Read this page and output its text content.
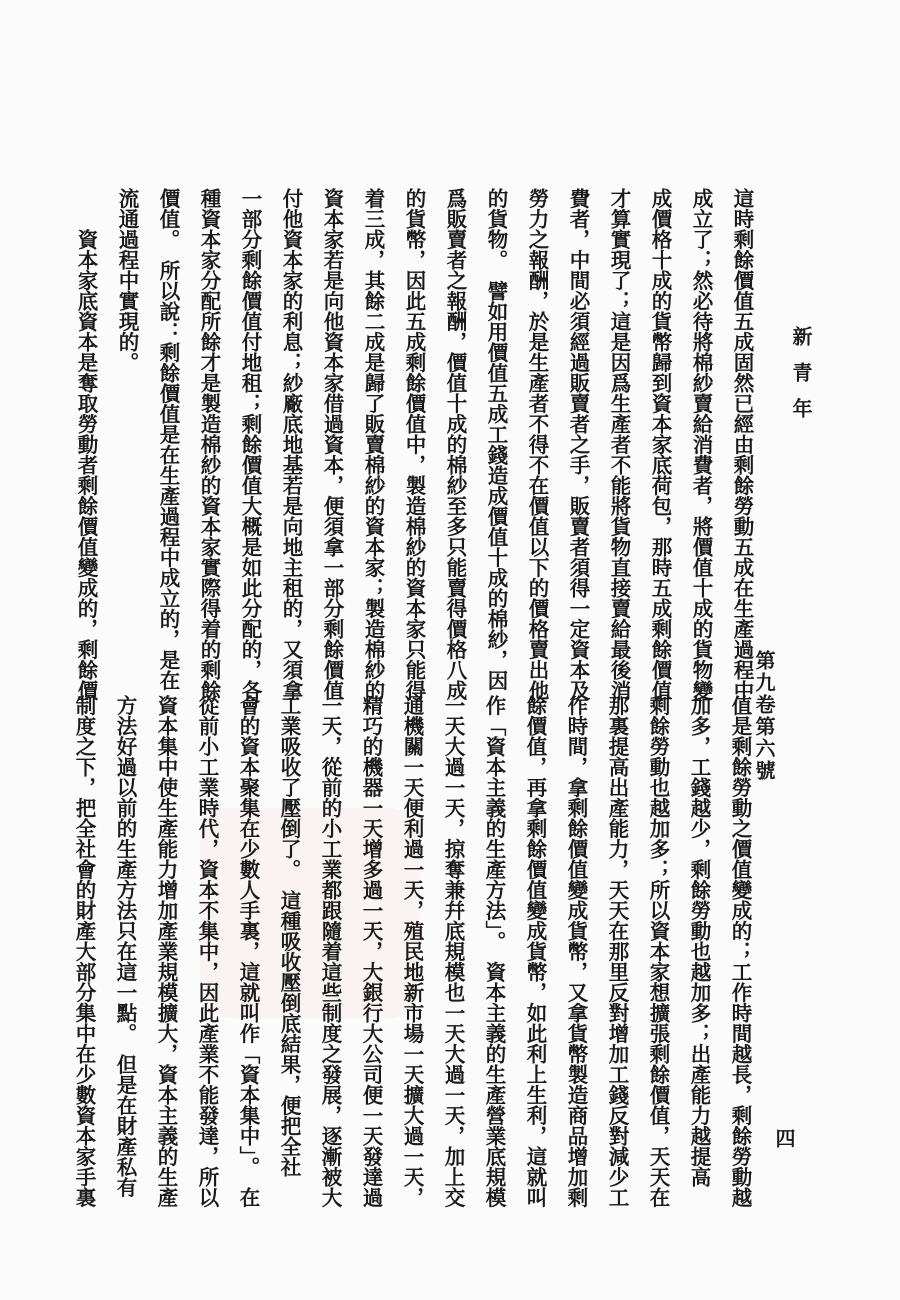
新青年
第九卷第六號
四
這時剩餘價值五成固然已經由剩餘勞動五成在生產過程中
成立了；然必待將棉紗賣給消費者，將價值十成的貨物變
成價格十成的貨幣歸到資本家底荷包，那時五成剩餘價值
才算實現了；這是因爲生產者不能將貨物直接賣給最後消
費者，中間必須經過販賣者之手，販賣者須得一定資本及
勞力之報酬，於是生產者不得不在價值以下的價格賣出他
的貨物。　譬如用價值五成工錢造成價值十成的棉紗，因
爲販賣者之報酬，價值十成的棉紗至多只能賣得價格八成
的貨幣，因此五成剩餘價值中，製造棉紗的資本家只能得
着三成，其餘二成是歸了販賣棉紗的資本家；製造棉紗的
資本家若是向他資本家借過資本，便須拿一部分剩餘價值
付他資本家的利息；紗廠底地基若是向地主租的，又須拿
一部分剩餘價值付地租；剩餘價值大概是如此分配的，各
種資本家分配所餘才是製造棉紗的資本家實際得着的剩餘
價值。　所以說：剩餘價值是在生產過程中成立的，是在
流通過程中實現的。
　　資本家底資本是奪取勞動者剩餘價值變成的，剩餘價
值是剩餘勞動之價值變成的；工作時間越長，剩餘勞動越
加多，工錢越少，剩餘勞動也越加多；出產能力越提高
剩餘勞動也越加多；所以資本家想擴張剩餘價值，天天在
那裏提高出產能力，天天在那里反對增加工錢反對減少工
作時間，拿剩餘價值變成貨幣，又拿貨幣製造商品增加剩
餘價值，再拿剩餘價值變成貨幣，如此利上生利，這就叫
作「資本主義的生產方法」。　資本主義的生產營業底規模
一天大過一天，掠奪兼幷底規模也一天大過一天，加上交
通機關一天便利過一天，殖民地新市場一天擴大過一天，
精巧的機器一天增多過一天，大銀行大公司便一天發達過
一天，從前的小工業都跟隨着這些制度之發展，逐漸被大
工業吸收了壓倒了。　這種吸收壓倒底結果，便把全社
會的資本聚集在少數人手裏，這就叫作「資本集中」。　在
從前小工業時代，資本不集中，因此產業不能發達，所以
資本集中使生產能力增加產業規模擴大，資本主義的生產
方法好過以前的生產方法只在這一點。　但是在財產私有
制度之下，把全社會的財產大部分集中在少數資本家手裏
